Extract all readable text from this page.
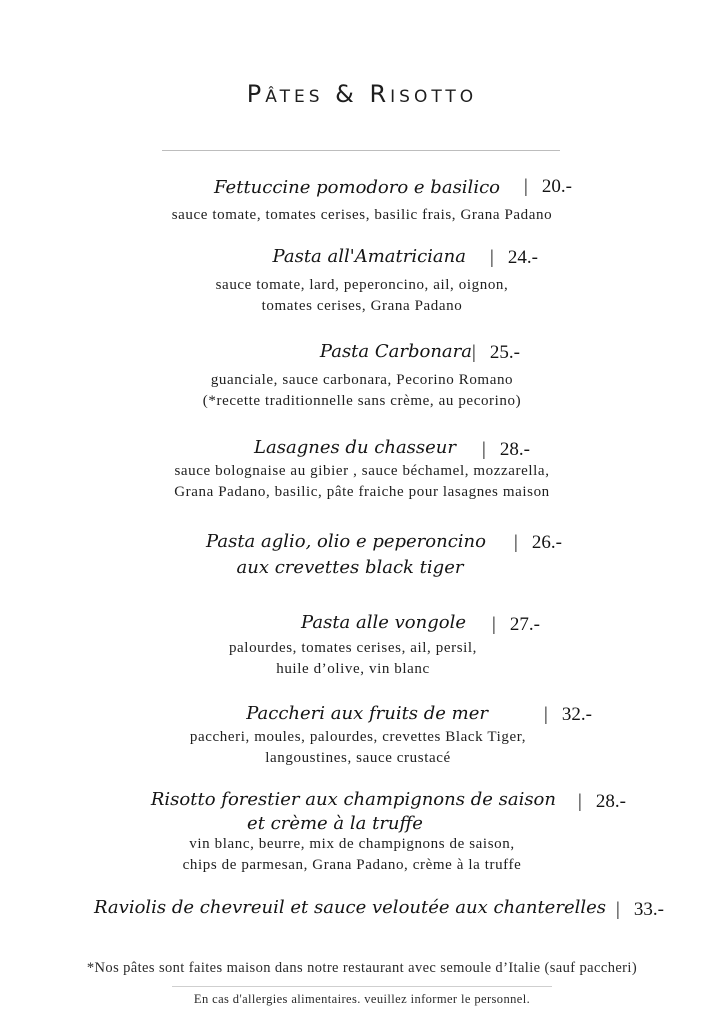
Pâtes & Risotto
Fettuccine pomodoro e basilico | 20.-
sauce tomate, tomates cerises, basilic frais, Grana Padano
Pasta all'Amatriciana | 24.-
sauce tomate, lard, peperoncino, ail, oignon,
tomates cerises, Grana Padano
Pasta Carbonara | 25.-
guanciale, sauce carbonara, Pecorino Romano
(*recette traditionnelle sans crème, au pecorino)
Lasagnes du chasseur | 28.-
sauce bolognaise au gibier , sauce béchamel, mozzarella,
Grana Padano, basilic, pâte fraiche pour lasagnes maison
Pasta aglio, olio e peperoncino
aux crevettes black tiger
| 26.-
Pasta alle vongole | 27.-
palourdes, tomates cerises, ail, persil,
huile d’olive, vin blanc
Paccheri aux fruits de mer	| 32.-
paccheri, moules, palourdes, crevettes Black Tiger,
langoustines, sauce crustacé
Risotto forestier aux champignons de saison
et crème à la truffe
| 28.-
vin blanc, beurre, mix de champignons de saison,
chips de parmesan, Grana Padano, crème à la truffe
Raviolis de chevreuil et sauce veloutée aux chanterelles | 33.-
*Nos pâtes sont faites maison dans notre restaurant avec semoule d’Italie (sauf paccheri)
En cas d'allergies alimentaires. veuillez informer le personnel.
